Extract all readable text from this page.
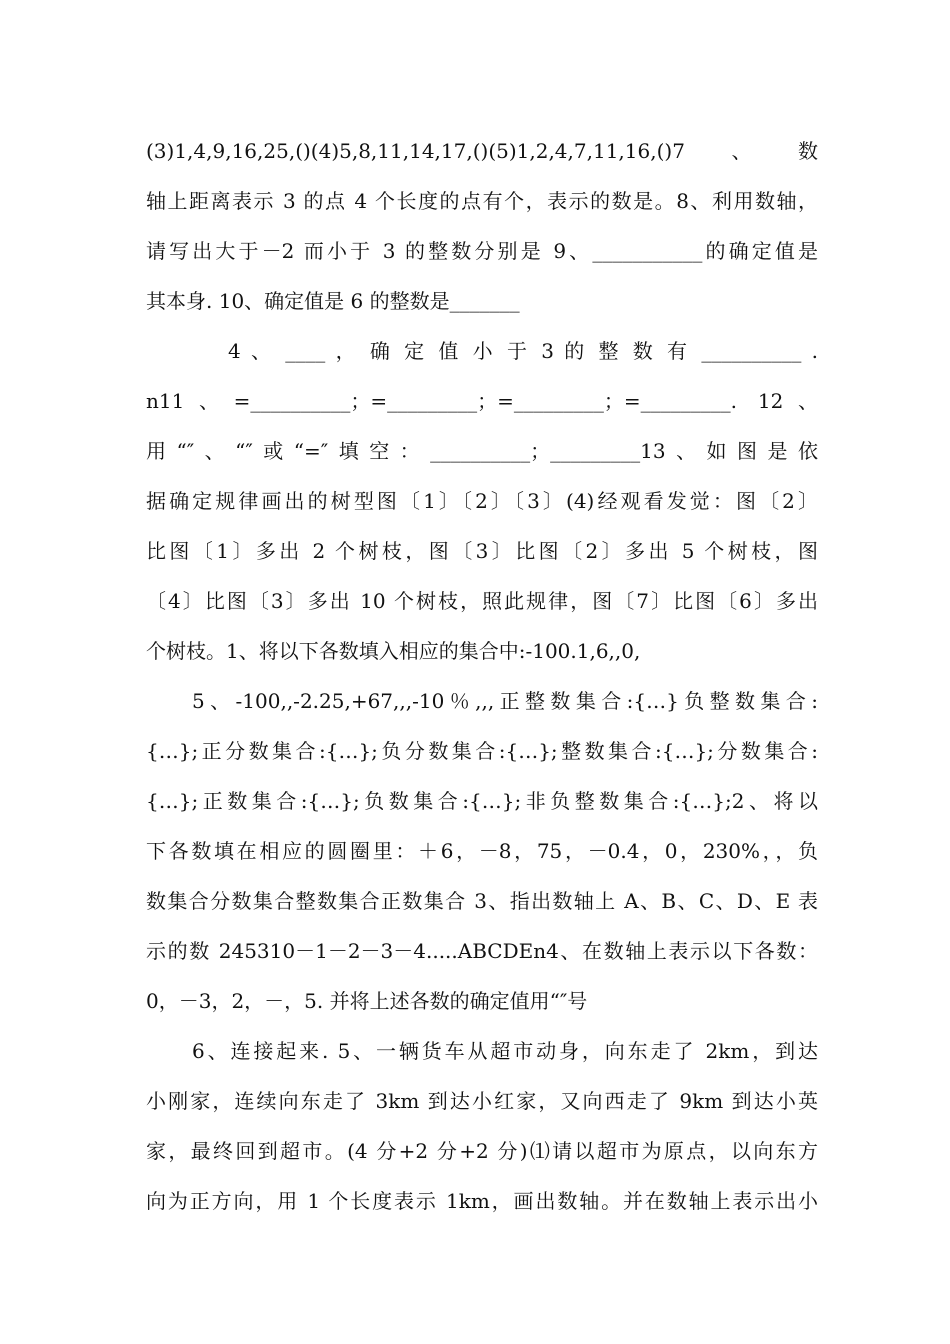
(3)1,4,9,16,25,()(4)5,8,11,14,17,()(5)1,2,4,7,11,16,()7、数
轴上距离表示 3 的点 4 个长度的点有个，表示的数是。8、利用数轴，
请写出大于－2 而小于 3 的整数分别是 9、___________的确定值是
其本身. 10、确定值是 6 的整数是_______
4 、 ____ ， 确 定 值 小 于 3 的 整 数 有 __________ .
n11、=__________；=_________；=_________；=_________. 12、
用“″、“″或“=″填空：__________；_________13、如图是依
据确定规律画出的树型图〔1〕〔2〕〔3〕(4)经观看发觉：图〔2〕
比图〔1〕多出 2 个树枝，图〔3〕比图〔2〕多出 5 个树枝，图
〔4〕比图〔3〕多出 10 个树枝，照此规律，图〔7〕比图〔6〕多出
个树枝。1、将以下各数填入相应的集合中:-100.1,6,,0,
5、-100,,-2.25,+67,,,-10％,,,正整数集合:{…}负整数集合:
{…};正分数集合:{…};负分数集合:{…};整数集合:{…};分数集合:
{…};正数集合:{…};负数集合:{…};非负整数集合:{…};2、将以
下各数填在相应的圆圈里：＋6，－8，75，－0.4，0，230%，，负
数集合分数集合整数集合正数集合 3、指出数轴上 A、B、C、D、E 表
示的数 245310－1－2－3－4.....ABCDEn4、在数轴上表示以下各数：
0，－3，2，－，5. 并将上述各数的确定值用“″号
6、连接起来. 5、一辆货车从超市动身，向东走了 2km，到达
小刚家，连续向东走了 3km 到达小红家，又向西走了 9km 到达小英
家，最终回到超市。(4 分+2 分+2 分)⑴请以超市为原点，以向东方
向为正方向，用 1 个长度表示 1km，画出数轴。并在数轴上表示出小
